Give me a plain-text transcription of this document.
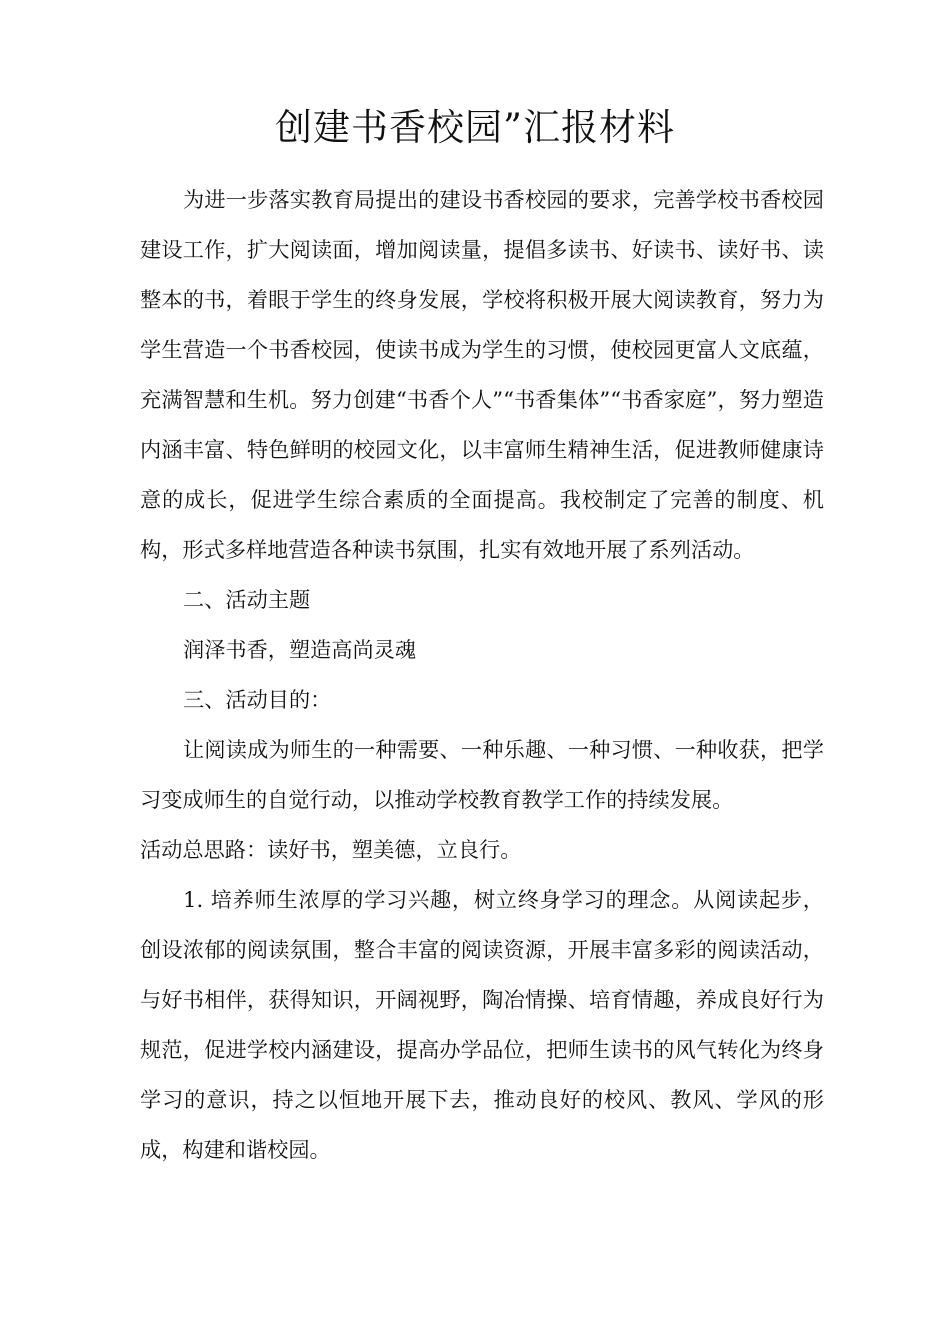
创建书香校园”汇报材料

为进一步落实教育局提出的建设书香校园的要求，完善学校书香校园建设工作，扩大阅读面，增加阅读量，提倡多读书、好读书、读好书、读整本的书，着眼于学生的终身发展，学校将积极开展大阅读教育，努力为学生营造一个书香校园，使读书成为学生的习惯，使校园更富人文底蕴，充满智慧和生机。努力创建“书香个人”“书香集体”“书香家庭”，努力塑造内涵丰富、特色鲜明的校园文化，以丰富师生精神生活，促进教师健康诗意的成长，促进学生综合素质的全面提高。我校制定了完善的制度、机构，形式多样地营造各种读书氛围，扎实有效地开展了系列活动。

二、活动主题

润泽书香，塑造高尚灵魂

三、活动目的：

让阅读成为师生的一种需要、一种乐趣、一种习惯、一种收获，把学习变成师生的自觉行动，以推动学校教育教学工作的持续发展。

活动总思路：读好书，塑美德，立良行。

1. 培养师生浓厚的学习兴趣，树立终身学习的理念。从阅读起步，创设浓郁的阅读氛围，整合丰富的阅读资源，开展丰富多彩的阅读活动，与好书相伴，获得知识，开阔视野，陶冶情操、培育情趣，养成良好行为规范，促进学校内涵建设，提高办学品位，把师生读书的风气转化为终身学习的意识，持之以恒地开展下去，推动良好的校风、教风、学风的形成，构建和谐校园。
